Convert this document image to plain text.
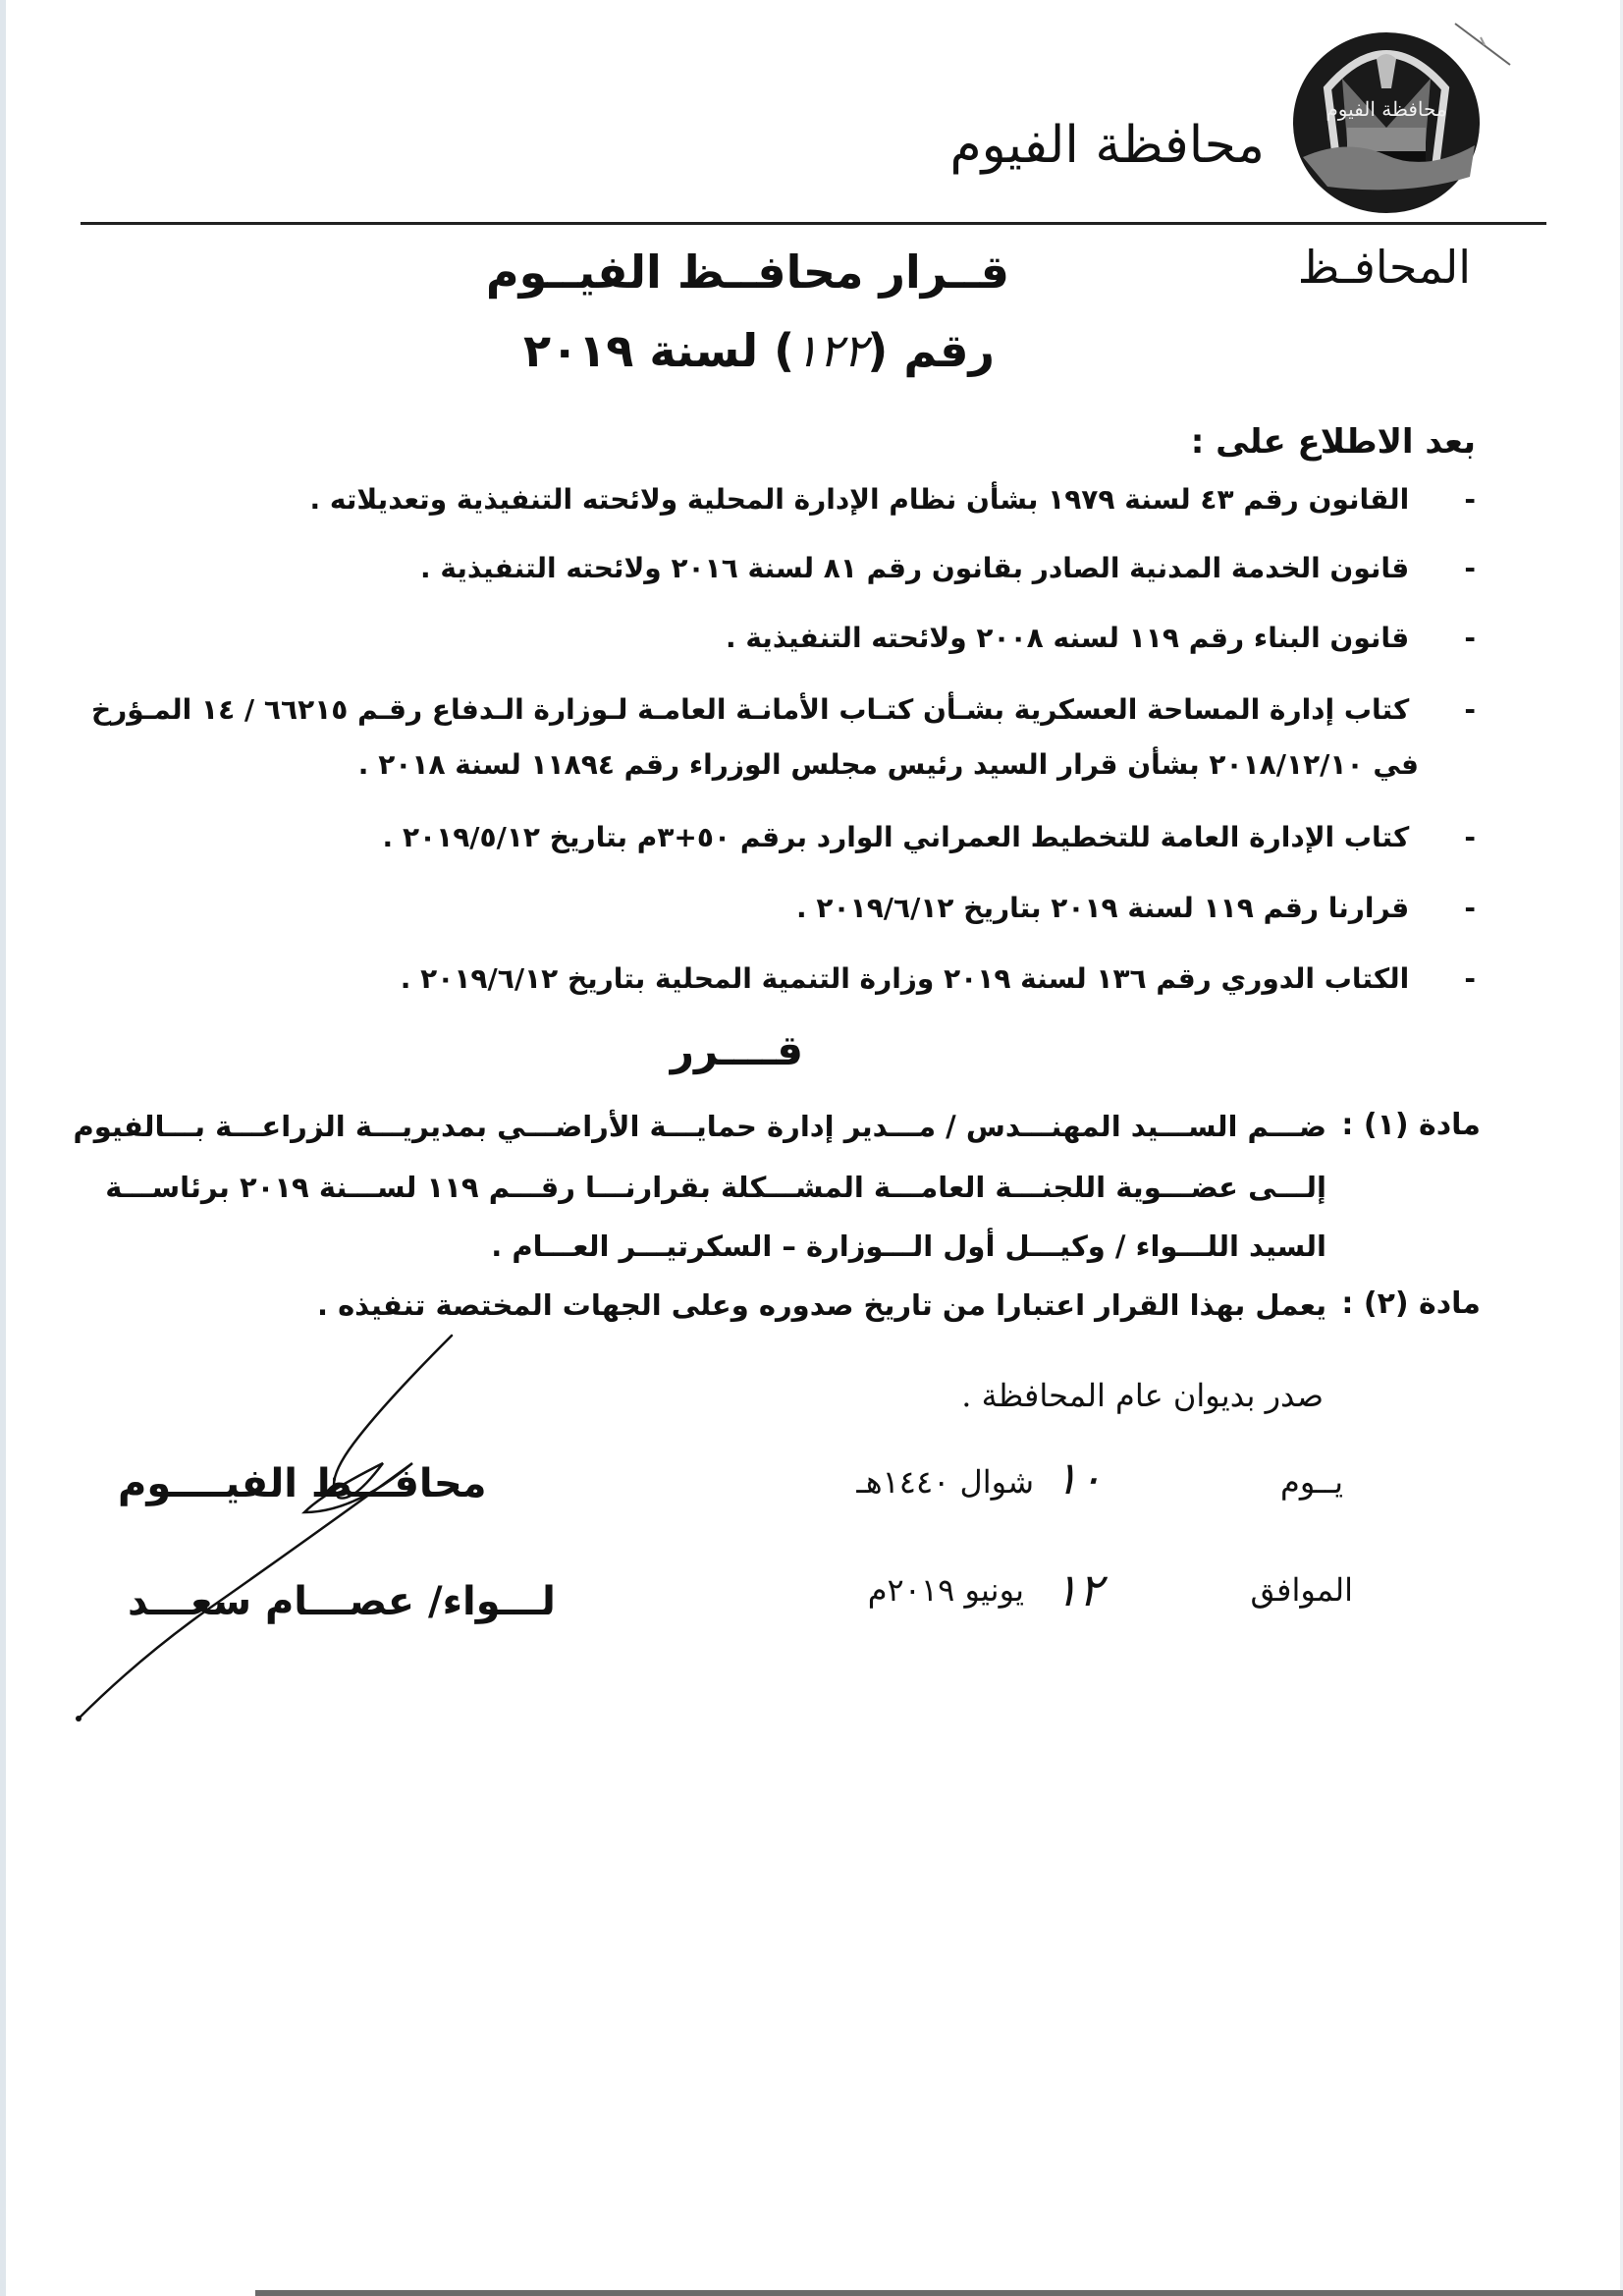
محافظة الفيوم
محافظة الفيوم
المحافـظ
قــرار محافــظ الفيــوم
رقم (١٢٢) لسنة ٢٠١٩
بعد الاطلاع على :
- القانون رقم ٤٣ لسنة ١٩٧٩ بشأن نظام الإدارة المحلية ولائحته التنفيذية وتعديلاته .
- قانون الخدمة المدنية الصادر بقانون رقم ٨١ لسنة ٢٠١٦ ولائحته التنفيذية .
- قانون البناء رقم ١١٩ لسنه ٢٠٠٨ ولائحته التنفيذية .
- كتاب إدارة المساحة العسكرية بشـأن كتـاب الأمانـة العامـة لـوزارة الـدفاع رقـم ٦٦٢١٥ / ١٤ المـؤرخ
في ٢٠١٨/١٢/١٠ بشأن قرار السيد رئيس مجلس الوزراء رقم ١١٨٩٤ لسنة ٢٠١٨ .
- كتاب الإدارة العامة للتخطيط العمراني الوارد برقم ٥٠+٣م بتاريخ ٢٠١٩/٥/١٢ .
- قرارنا رقم ١١٩ لسنة ٢٠١٩ بتاريخ ٢٠١٩/٦/١٢ .
- الكتاب الدوري رقم ١٣٦ لسنة ٢٠١٩ وزارة التنمية المحلية بتاريخ ٢٠١٩/٦/١٢ .
قــــرر
مادة (١) :
ضـــم الســـيد المهنـــدس / مـــدير إدارة حمايـــة الأراضـــي بمديريـــة الزراعـــة بـــالفيوم
إلـــى عضـــوية اللجنـــة العامـــة المشـــكلة بقرارنـــا رقـــم ١١٩ لســـنة ٢٠١٩ برئاســـة
السيد اللـــواء / وكيـــل أول الـــوزارة – السكرتيـــر العـــام .
مادة (٢) :
يعمل بهذا القرار اعتبارا من تاريخ صدوره وعلى الجهات المختصة تنفيذه .
صدر بديوان عام المحافظة .
يــوم
١٠
شوال ١٤٤٠هـ
الموافق
١٢
يونيو ٢٠١٩م
محافـــظ الفيــــوم
لـــواء/ عصـــام سعـــد
